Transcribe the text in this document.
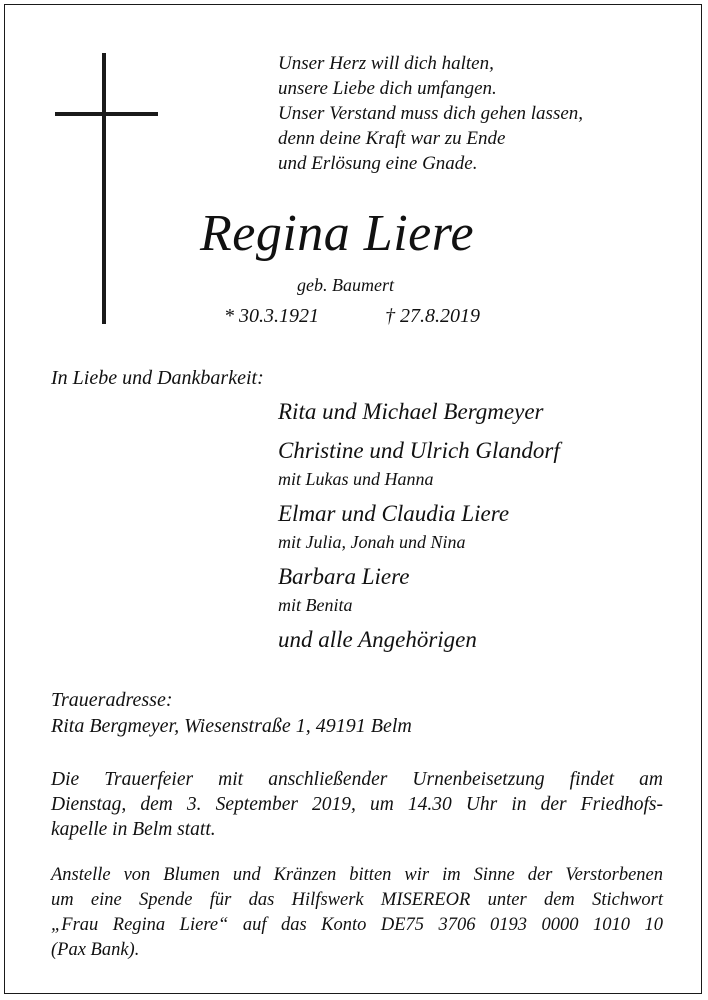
Unser Herz will dich halten,
unsere Liebe dich umfangen.
Unser Verstand muss dich gehen lassen,
denn deine Kraft war zu Ende
und Erlösung eine Gnade.
Regina Liere
geb. Baumert
* 30.3.1921	† 27.8.2019
In Liebe und Dankbarkeit:
Rita und Michael Bergmeyer
Christine und Ulrich Glandorf
mit Lukas und Hanna
Elmar und Claudia Liere
mit Julia, Jonah und Nina
Barbara Liere
mit Benita
und alle Angehörigen
Traueradresse:
Rita Bergmeyer, Wiesenstraße 1, 49191 Belm
Die Trauerfeier mit anschließender Urnenbeisetzung findet am
Dienstag, dem 3. September 2019, um 14.30 Uhr in der Friedhofs-
kapelle in Belm statt.
Anstelle von Blumen und Kränzen bitten wir im Sinne der Verstorbenen
um eine Spende für das Hilfswerk MISEREOR unter dem Stichwort
„Frau Regina Liere“ auf das Konto DE75 3706 0193 0000 1010 10
(Pax Bank).
